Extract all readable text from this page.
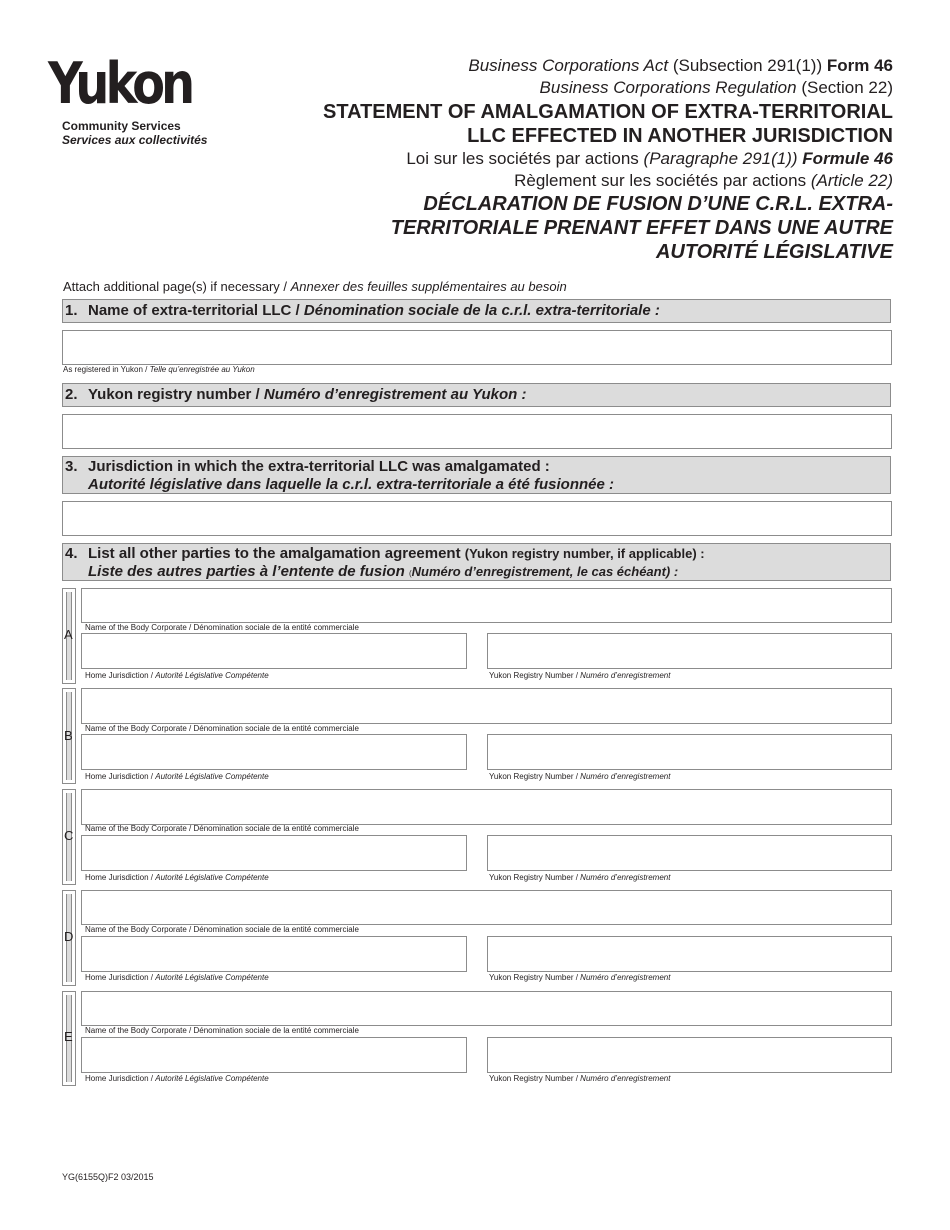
Yukon
Community Services
Services aux collectivités
Business Corporations Act (Subsection 291(1)) Form 46
Business Corporations Regulation (Section 22)
STATEMENT OF AMALGAMATION OF EXTRA-TERRITORIAL
LLC EFFECTED IN ANOTHER JURISDICTION
Loi sur les sociétés par actions (Paragraphe 291(1)) Formule 46
Règlement sur les sociétés par actions (Article 22)
DÉCLARATION DE FUSION D’UNE C.R.L. EXTRA-
TERRITORIALE PRENANT EFFET DANS UNE AUTRE
AUTORITÉ LÉGISLATIVE
Attach additional page(s) if necessary / Annexer des feuilles supplémentaires au besoin
1. Name of extra-territorial LLC / Dénomination sociale de la c.r.l. extra-territoriale :
As registered in Yukon / Telle qu’enregistrée au Yukon
2. Yukon registry number / Numéro d’enregistrement au Yukon :
3. Jurisdiction in which the extra-territorial LLC was amalgamated :
Autorité législative dans laquelle la c.r.l. extra-territoriale a été fusionnée :
4. List all other parties to the amalgamation agreement (Yukon registry number, if applicable) :
Liste des autres parties à l’entente de fusion (Numéro d’enregistrement, le cas échéant) :
A Name of the Body Corporate / Dénomination sociale de la entité commerciale
Home Jurisdiction / Autorité Législative Compétente	Yukon Registry Number / Numéro d’enregistrement
B Name of the Body Corporate / Dénomination sociale de la entité commerciale
Home Jurisdiction / Autorité Législative Compétente	Yukon Registry Number / Numéro d’enregistrement
C Name of the Body Corporate / Dénomination sociale de la entité commerciale
Home Jurisdiction / Autorité Législative Compétente	Yukon Registry Number / Numéro d’enregistrement
D Name of the Body Corporate / Dénomination sociale de la entité commerciale
Home Jurisdiction / Autorité Législative Compétente	Yukon Registry Number / Numéro d’enregistrement
E Name of the Body Corporate / Dénomination sociale de la entité commerciale
Home Jurisdiction / Autorité Législative Compétente	Yukon Registry Number / Numéro d’enregistrement
YG(6155Q)F2 03/2015
